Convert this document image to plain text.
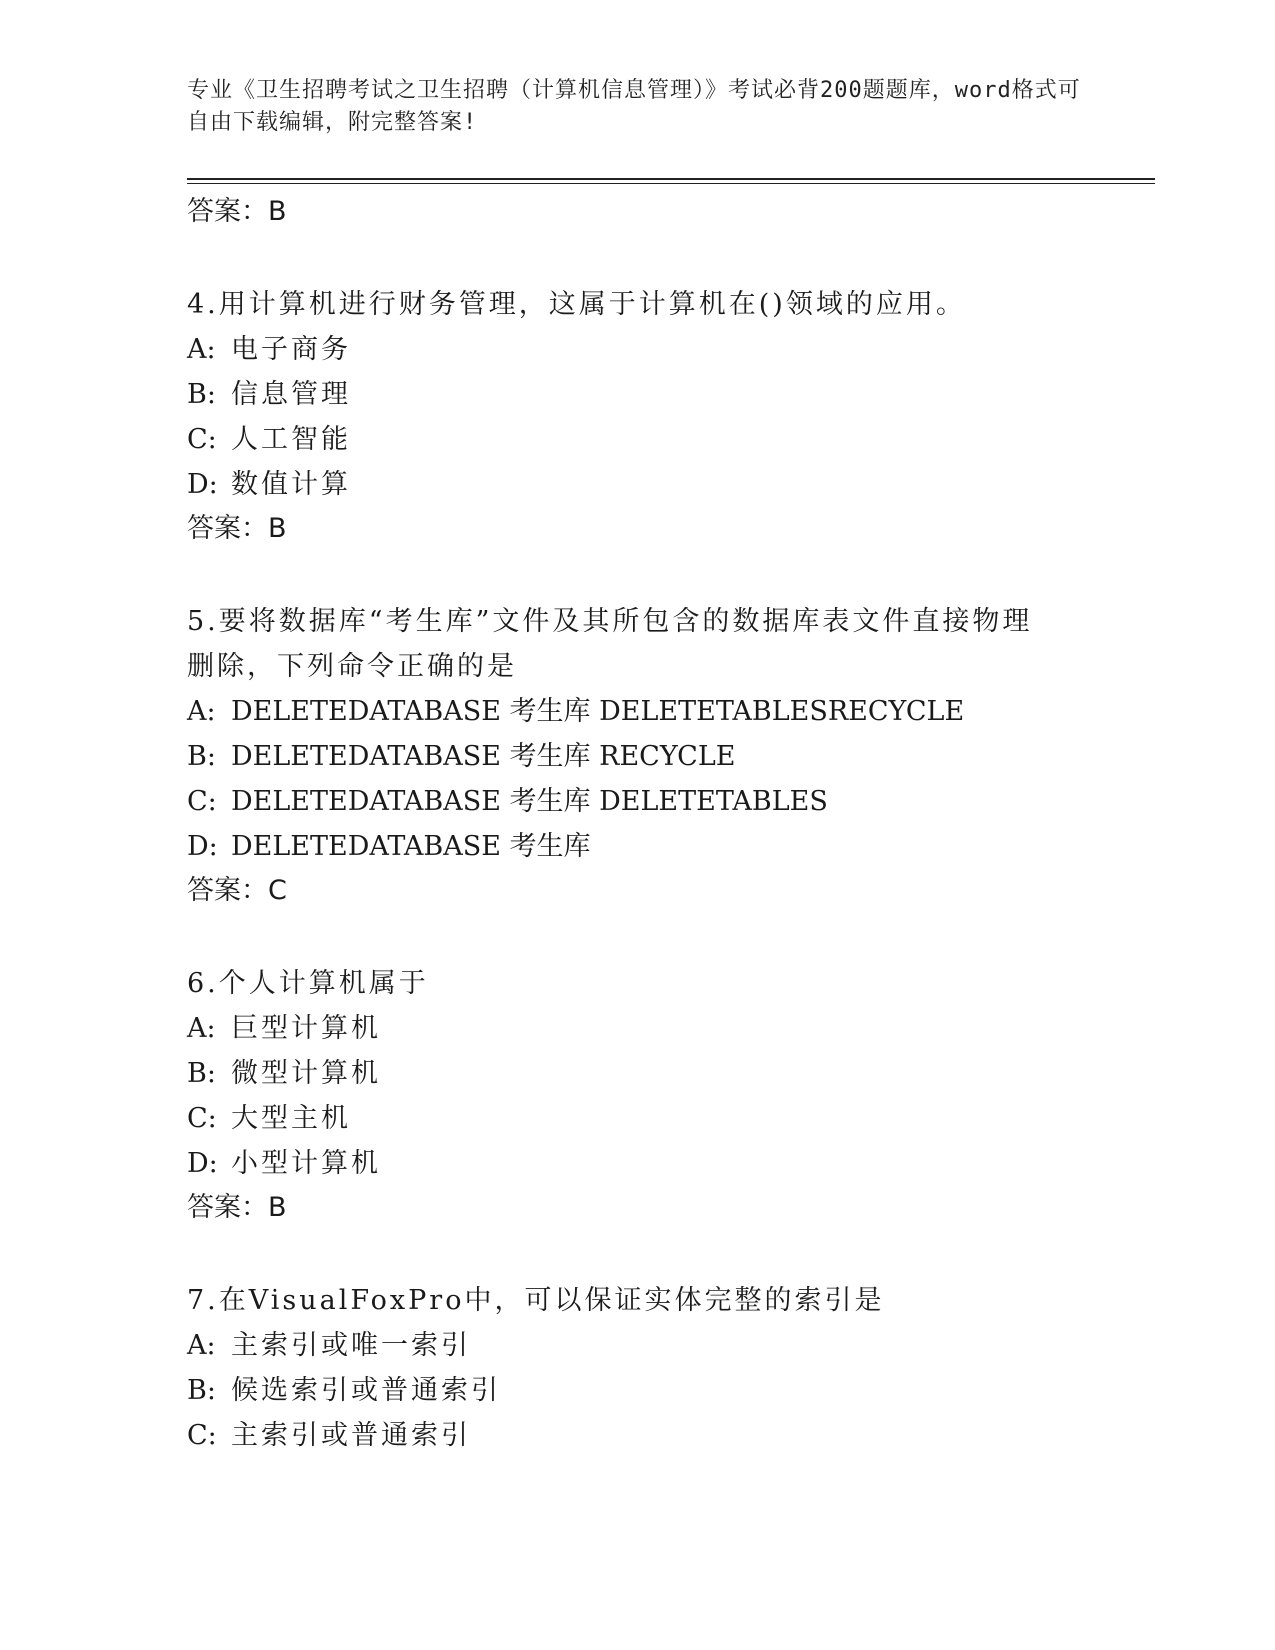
专业《卫生招聘考试之卫生招聘（计算机信息管理）》考试必背200题题库，word格式可自由下载编辑，附完整答案!
答案：B
4.用计算机进行财务管理，这属于计算机在()领域的应用。
A: 电子商务
B: 信息管理
C: 人工智能
D: 数值计算
答案：B
5.要将数据库“考生库”文件及其所包含的数据库表文件直接物理删除，下列命令正确的是
A: DELETEDATABASE 考生库 DELETETABLESRECYCLE
B: DELETEDATABASE 考生库 RECYCLE
C: DELETEDATABASE 考生库 DELETETABLES
D: DELETEDATABASE 考生库
答案：C
6.个人计算机属于
A: 巨型计算机
B: 微型计算机
C: 大型主机
D: 小型计算机
答案：B
7.在VisualFoxPro中，可以保证实体完整的索引是
A: 主索引或唯一索引
B: 候选索引或普通索引
C: 主索引或普通索引
